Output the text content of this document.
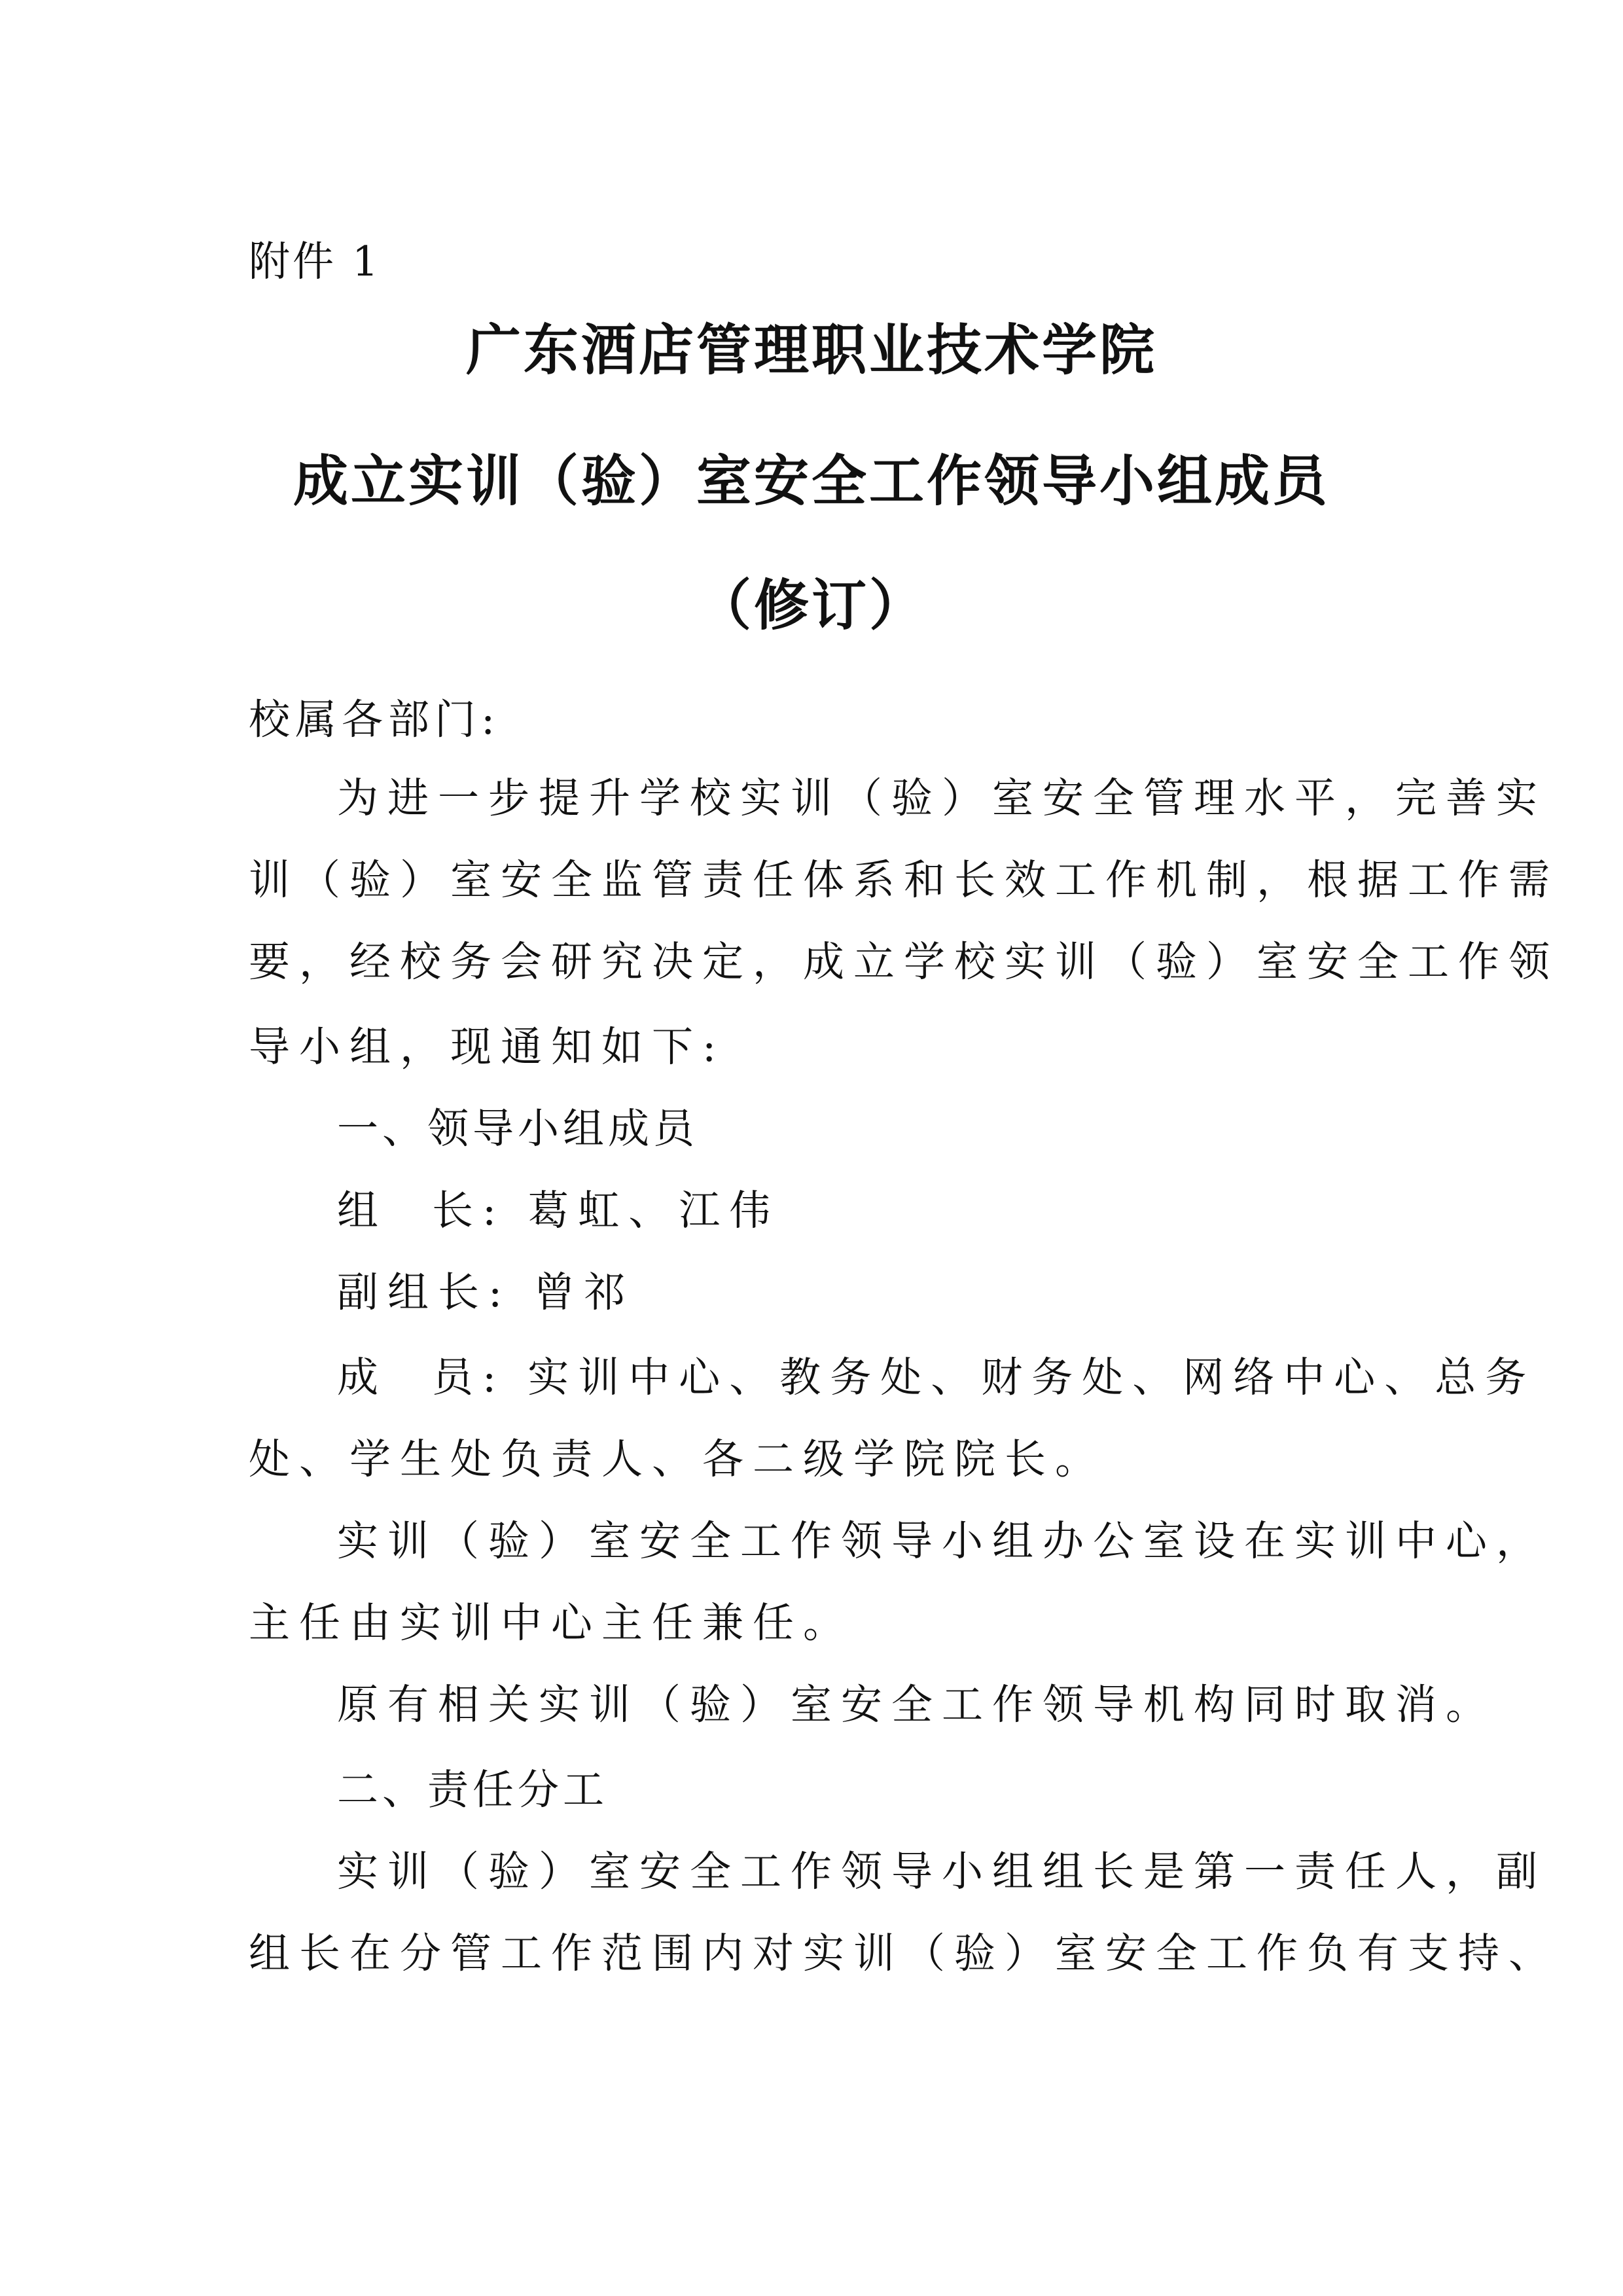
附件 1
广东酒店管理职业技术学院
成立实训（验）室安全工作领导小组成员
（修订）
校属各部门:
为进一步提升学校实训（验）室安全管理水平，完善实
训（验）室安全监管责任体系和长效工作机制，根据工作需
要，经校务会研究决定，成立学校实训（验）室安全工作领
导小组，现通知如下:
一、领导小组成员
组  长: 葛虹、江伟
副组长: 曾祁
成  员: 实训中心、教务处、财务处、网络中心、总务
处、学生处负责人、各二级学院院长。
实训（验）室安全工作领导小组办公室设在实训中心，
主任由实训中心主任兼任。
原有相关实训（验）室安全工作领导机构同时取消。
二、责任分工
实训（验）室安全工作领导小组组长是第一责任人，副
组长在分管工作范围内对实训（验）室安全工作负有支持、
